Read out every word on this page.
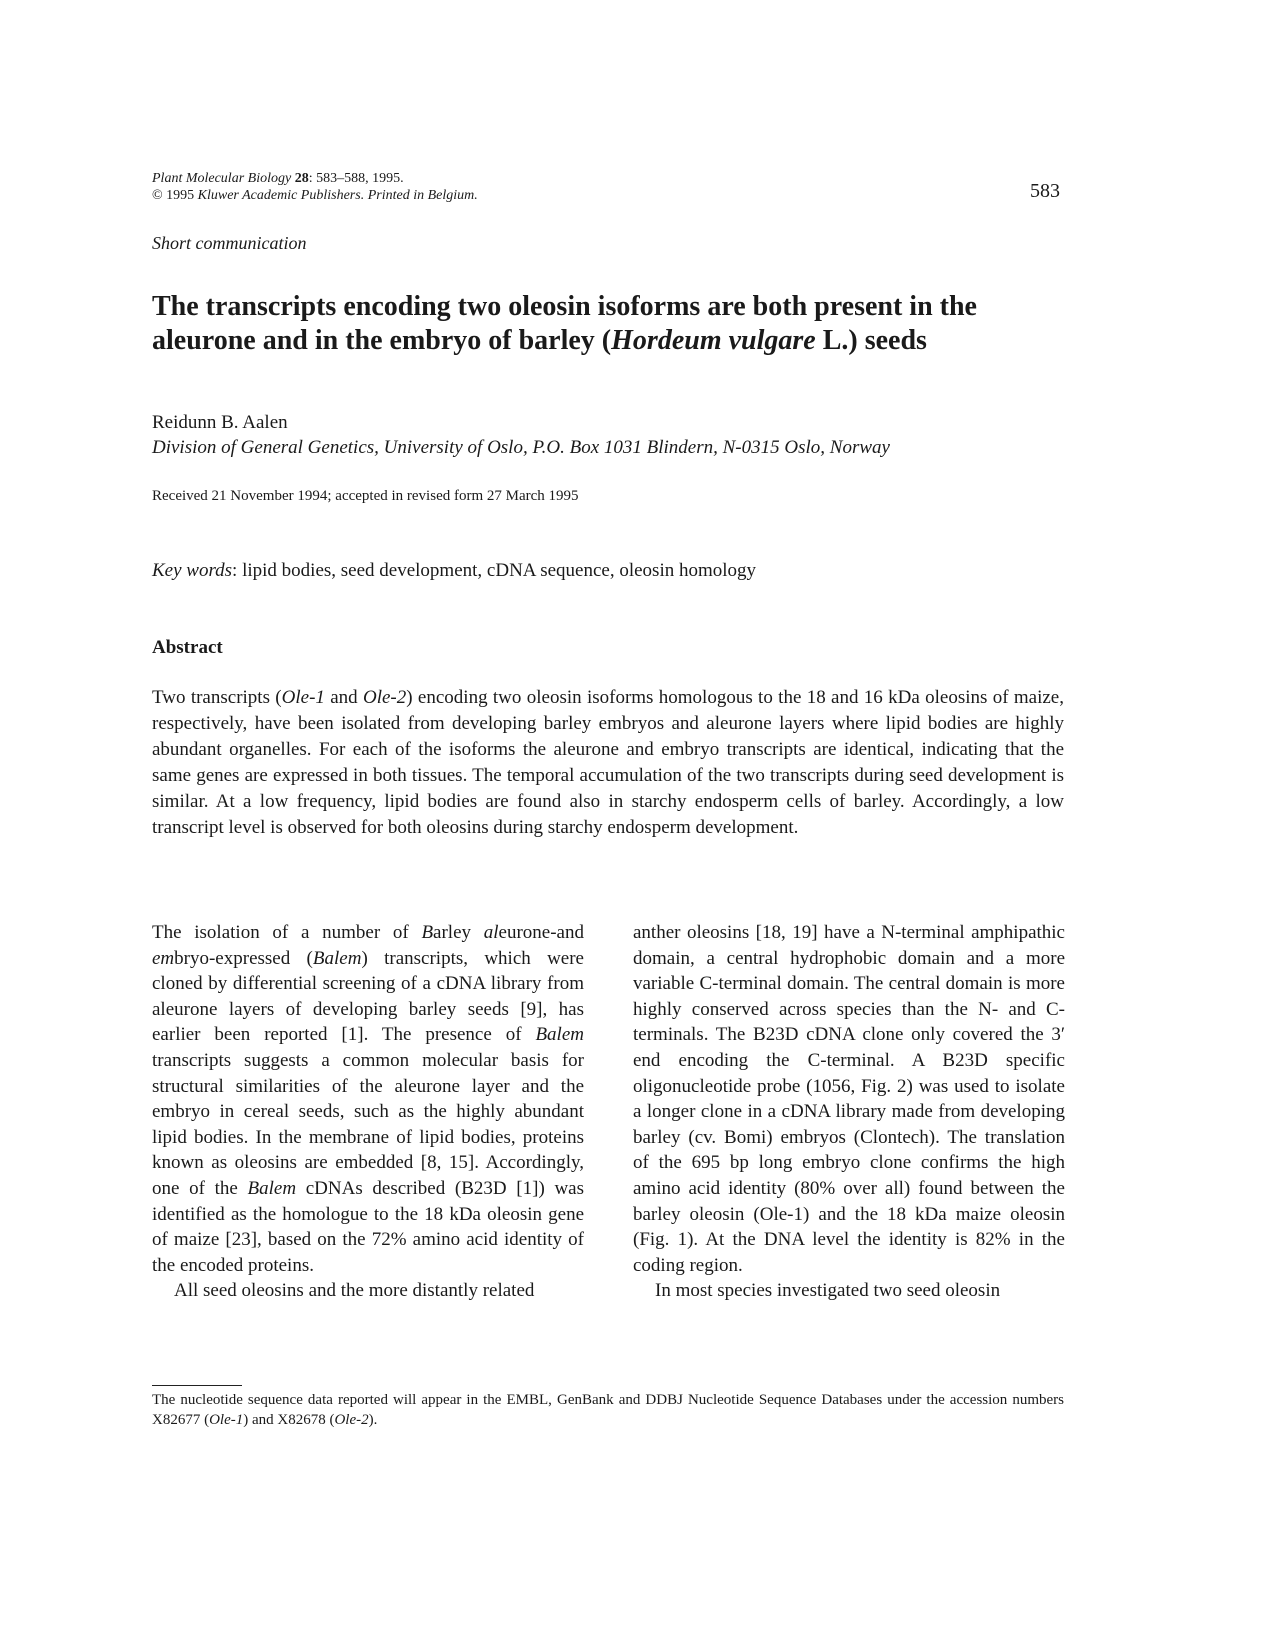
Plant Molecular Biology 28: 583–588, 1995.
© 1995 Kluwer Academic Publishers. Printed in Belgium.	583
Short communication
The transcripts encoding two oleosin isoforms are both present in the aleurone and in the embryo of barley (Hordeum vulgare L.) seeds
Reidunn B. Aalen
Division of General Genetics, University of Oslo, P.O. Box 1031 Blindern, N-0315 Oslo, Norway
Received 21 November 1994; accepted in revised form 27 March 1995
Key words: lipid bodies, seed development, cDNA sequence, oleosin homology
Abstract
Two transcripts (Ole-1 and Ole-2) encoding two oleosin isoforms homologous to the 18 and 16 kDa oleosins of maize, respectively, have been isolated from developing barley embryos and aleurone layers where lipid bodies are highly abundant organelles. For each of the isoforms the aleurone and embryo transcripts are identical, indicating that the same genes are expressed in both tissues. The temporal accumulation of the two transcripts during seed development is similar. At a low frequency, lipid bodies are found also in starchy endosperm cells of barley. Accordingly, a low transcript level is observed for both oleosins during starchy endosperm development.

The isolation of a number of Barley aleurone-and embryo-expressed (Balem) transcripts, which were cloned by differential screening of a cDNA library from aleurone layers of developing barley seeds [9], has earlier been reported [1]. The presence of Balem transcripts suggests a common molecular basis for structural similarities of the aleurone layer and the embryo in cereal seeds, such as the highly abundant lipid bodies. In the membrane of lipid bodies, proteins known as oleosins are embedded [8, 15]. Accordingly, one of the Balem cDNAs described (B23D [1]) was identified as the homologue to the 18 kDa oleosin gene of maize [23], based on the 72% amino acid identity of the encoded proteins.

All seed oleosins and the more distantly related

anther oleosins [18, 19] have a N-terminal amphipathic domain, a central hydrophobic domain and a more variable C-terminal domain. The central domain is more highly conserved across species than the N- and C-terminals. The B23D cDNA clone only covered the 3′ end encoding the C-terminal. A B23D specific oligonucleotide probe (1056, Fig. 2) was used to isolate a longer clone in a cDNA library made from developing barley (cv. Bomi) embryos (Clontech). The translation of the 695 bp long embryo clone confirms the high amino acid identity (80% over all) found between the barley oleosin (Ole-1) and the 18 kDa maize oleosin (Fig. 1). At the DNA level the identity is 82% in the coding region.

In most species investigated two seed oleosin

The nucleotide sequence data reported will appear in the EMBL, GenBank and DDBJ Nucleotide Sequence Databases under the accession numbers X82677 (Ole-1) and X82678 (Ole-2).
